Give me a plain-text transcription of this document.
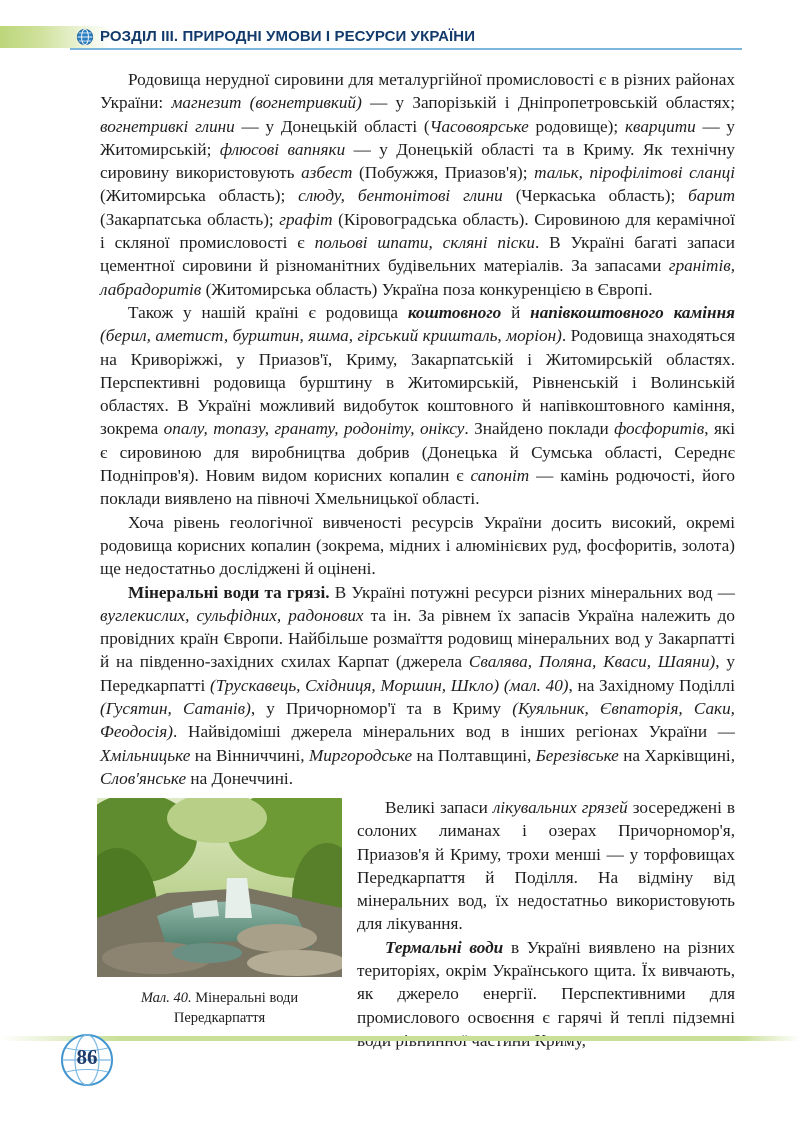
РОЗДІЛ ІІІ. ПРИРОДНІ УМОВИ І РЕСУРСИ УКРАЇНИ

Родовища нерудної сировини для металургійної промисловості є в різних районах України: магнезит (вогнетривкий) — у Запорізькій і Дніпропетровській областях; вогнетривкі глини — у Донецькій області (Часовоярське родовище); кварцити — у Житомирській; флюсові вапняки — у Донецькій області та в Криму. Як технічну сировину використовують азбест (Побужжя, Приазов'я); тальк, пірофілітові сланці (Житомирська область); слюду, бентонітові глини (Черкаська область); барит (Закарпатська область); графіт (Кіровоградська область). Сировиною для керамічної і скляної промисловості є польові шпати, скляні піски. В Україні багаті запаси цементної сировини й різноманітних будівельних матеріалів. За запасами гранітів, лабрадоритів (Житомирська область) Україна поза конкуренцією в Європі.

Також у нашій країні є родовища коштовного й напівкоштовного каміння (берил, аметист, бурштин, яшма, гірський кришталь, моріон). Родовища знаходяться на Криворіжжі, у Приазов'ї, Криму, Закарпатській і Житомирській областях. Перспективні родовища бурштину в Житомирській, Рівненській і Волинській областях. В Україні можливий видобуток коштовного й напівкоштовного каміння, зокрема опалу, топазу, гранату, родоніту, оніксу. Знайдено поклади фосфоритів, які є сировиною для виробництва добрив (Донецька й Сумська області, Середнє Подніпров'я). Новим видом корисних копалин є сапоніт — камінь родючості, його поклади виявлено на півночі Хмельницької області.

Хоча рівень геологічної вивченості ресурсів України досить високий, окремі родовища корисних копалин (зокрема, мідних і алюмінієвих руд, фосфоритів, золота) ще недостатньо досліджені й оцінені.

Мінеральні води та грязі. В Україні потужні ресурси різних мінеральних вод — вуглекислих, сульфідних, радонових та ін. За рівнем їх запасів Україна належить до провідних країн Європи. Найбільше розмаїття родовищ мінеральних вод у Закарпатті й на південно-західних схилах Карпат (джерела Свалява, Поляна, Кваси, Шаяни), у Передкарпатті (Трускавець, Східниця, Моршин, Шкло) (мал. 40), на Західному Поділлі (Гусятин, Сатанів), у Причорномор'ї та в Криму (Куяльник, Євпаторія, Саки, Феодосія). Найвідоміші джерела мінеральних вод в інших регіонах України — Хмільницьке на Вінниччині, Миргородське на Полтавщині, Березівське на Харківщині, Слов'янське на Донеччині.

Мал. 40. Мінеральні води Передкарпаття

Великі запаси лікувальних грязей зосереджені в солоних лиманах і озерах Причорномор'я, Приазов'я й Криму, трохи менші — у торфовищах Передкарпаття й Поділля. На відміну від мінеральних вод, їх недостатньо використовують для лікування.

Термальні води в Україні виявлено на різних територіях, окрім Українського щита. Їх вивчають, як джерело енергії. Перспективними для промислового освоєння є гарячі й теплі підземні

86
